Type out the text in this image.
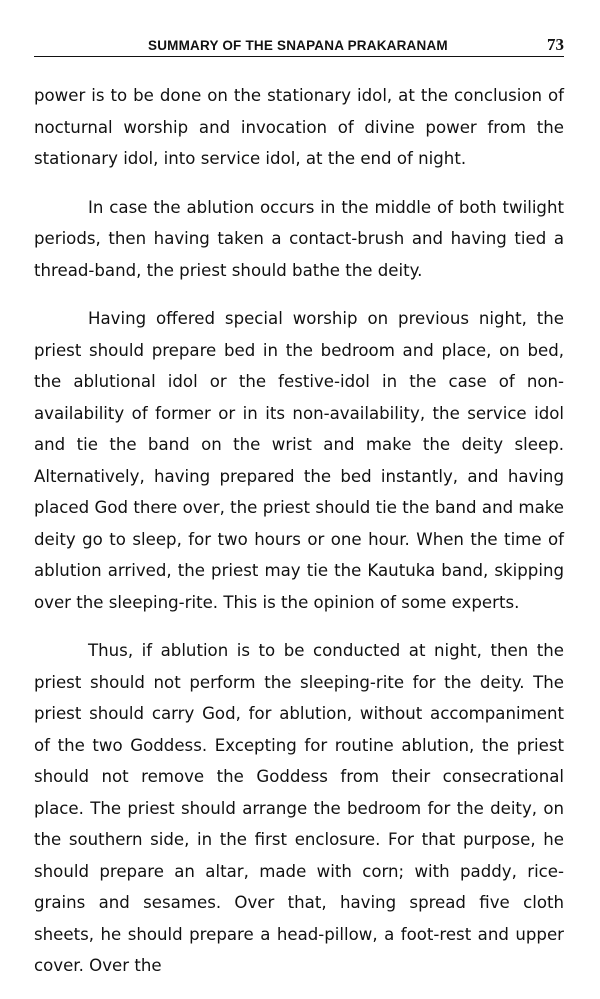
SUMMARY OF THE SNAPANA PRAKARANAM	73

power is to be done on the stationary idol, at the conclusion of nocturnal worship and invocation of divine power from the stationary idol, into service idol, at the end of night.

In case the ablution occurs in the middle of both twilight periods, then having taken a contact-brush and having tied a thread-band, the priest should bathe the deity.

Having offered special worship on previous night, the priest should prepare bed in the bedroom and place, on bed, the ablutional idol or the festive-idol in the case of non-availability of former or in its non-availability, the service idol and tie the band on the wrist and make the deity sleep. Alternatively, having prepared the bed instantly, and having placed God there over, the priest should tie the band and make deity go to sleep, for two hours or one hour. When the time of ablution arrived, the priest may tie the Kautuka band, skipping over the sleeping-rite. This is the opinion of some experts.

Thus, if ablution is to be conducted at night, then the priest should not perform the sleeping-rite for the deity. The priest should carry God, for ablution, without accompaniment of the two Goddess. Excepting for routine ablution, the priest should not remove the Goddess from their consecrational place. The priest should arrange the bedroom for the deity, on the southern side, in the first enclosure. For that purpose, he should prepare an altar, made with corn; with paddy, rice-grains and sesames. Over that, having spread five cloth sheets, he should prepare a head-pillow, a foot-rest and upper cover. Over the
